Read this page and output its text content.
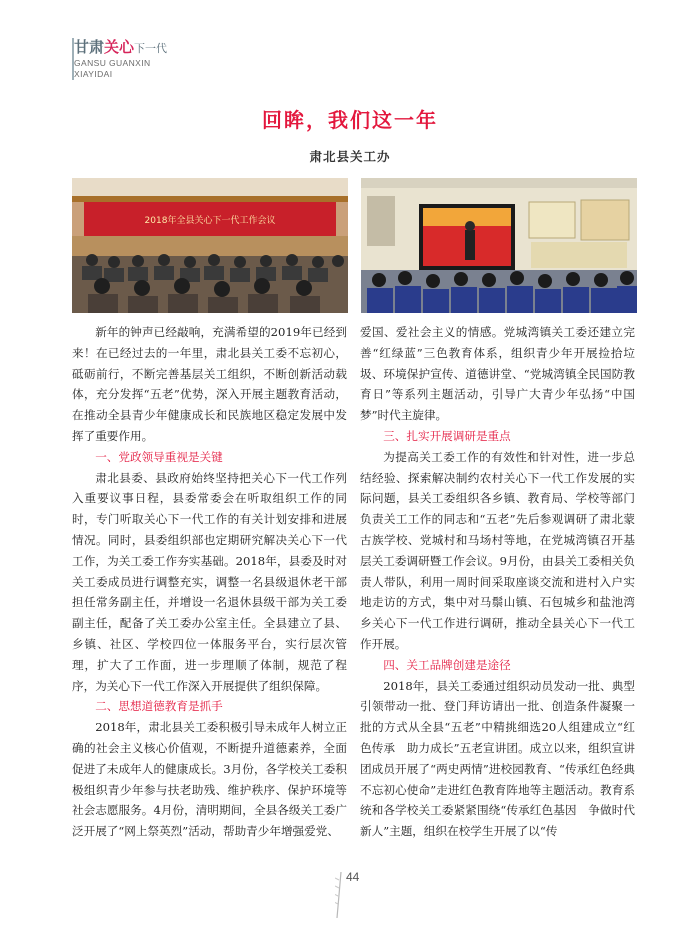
甘肃关心下一代
GANSU GUANXIN
XIAYIDAI
回眸，我们这一年
肃北县关工办
2018年全县关心下一代工作会议

新年的钟声已经敲响，充满希望的2019年已经到来！在已经过去的一年里，肃北县关工委不忘初心，砥砺前行，不断完善基层关工组织，不断创新活动载体，充分发挥“五老”优势，深入开展主题教育活动，在推动全县青少年健康成长和民族地区稳定发展中发挥了重要作用。

一、党政领导重视是关键

肃北县委、县政府始终坚持把关心下一代工作列入重要议事日程，县委常委会在听取组织工作的同时，专门听取关心下一代工作的有关计划安排和进展情况。同时，县委组织部也定期研究解决关心下一代工作，为关工委工作夯实基础。2018年，县委及时对关工委成员进行调整充实，调整一名县级退休老干部担任常务副主任，并增设一名退休县级干部为关工委副主任，配备了关工委办公室主任。全县建立了县、乡镇、社区、学校四位一体服务平台，实行层次管理，扩大了工作面，进一步理顺了体制，规范了程序，为关心下一代工作深入开展提供了组织保障。

二、思想道德教育是抓手

2018年，肃北县关工委积极引导未成年人树立正确的社会主义核心价值观，不断提升道德素养，全面促进了未成年人的健康成长。3月份，各学校关工委积极组织青少年参与扶老助残、维护秩序、保护环境等社会志愿服务。4月份，清明期间，全县各级关工委广泛开展了“网上祭英烈”活动，帮助青少年增强爱党、

爱国、爱社会主义的情感。党城湾镇关工委还建立完善“红绿蓝”三色教育体系，组织青少年开展捡拾垃圾、环境保护宣传、道德讲堂、“党城湾镇全民国防教育日”等系列主题活动，引导广大青少年弘扬“中国梦”时代主旋律。

三、扎实开展调研是重点

为提高关工委工作的有效性和针对性，进一步总结经验、探索解决制约农村关心下一代工作发展的实际问题，县关工委组织各乡镇、教育局、学校等部门负责关工工作的同志和“五老”先后参观调研了肃北蒙古族学校、党城村和马场村等地，在党城湾镇召开基层关工委调研暨工作会议。9月份，由县关工委相关负责人带队，利用一周时间采取座谈交流和进村入户实地走访的方式，集中对马鬃山镇、石包城乡和盐池湾乡关心下一代工作进行调研，推动全县关心下一代工作开展。

四、关工品牌创建是途径

2018年，县关工委通过组织动员发动一批、典型引领带动一批、登门拜访请出一批、创造条件凝聚一批的方式从全县“五老”中精挑细选20人组建成立“红色传承　助力成长”五老宣讲团。成立以来，组织宣讲团成员开展了“两史两情”进校园教育、“传承红色经典　不忘初心使命”走进红色教育阵地等主题活动。教育系统和各学校关工委紧紧围绕“传承红色基因　争做时代新人”主题，组织在校学生开展了以“传

44
